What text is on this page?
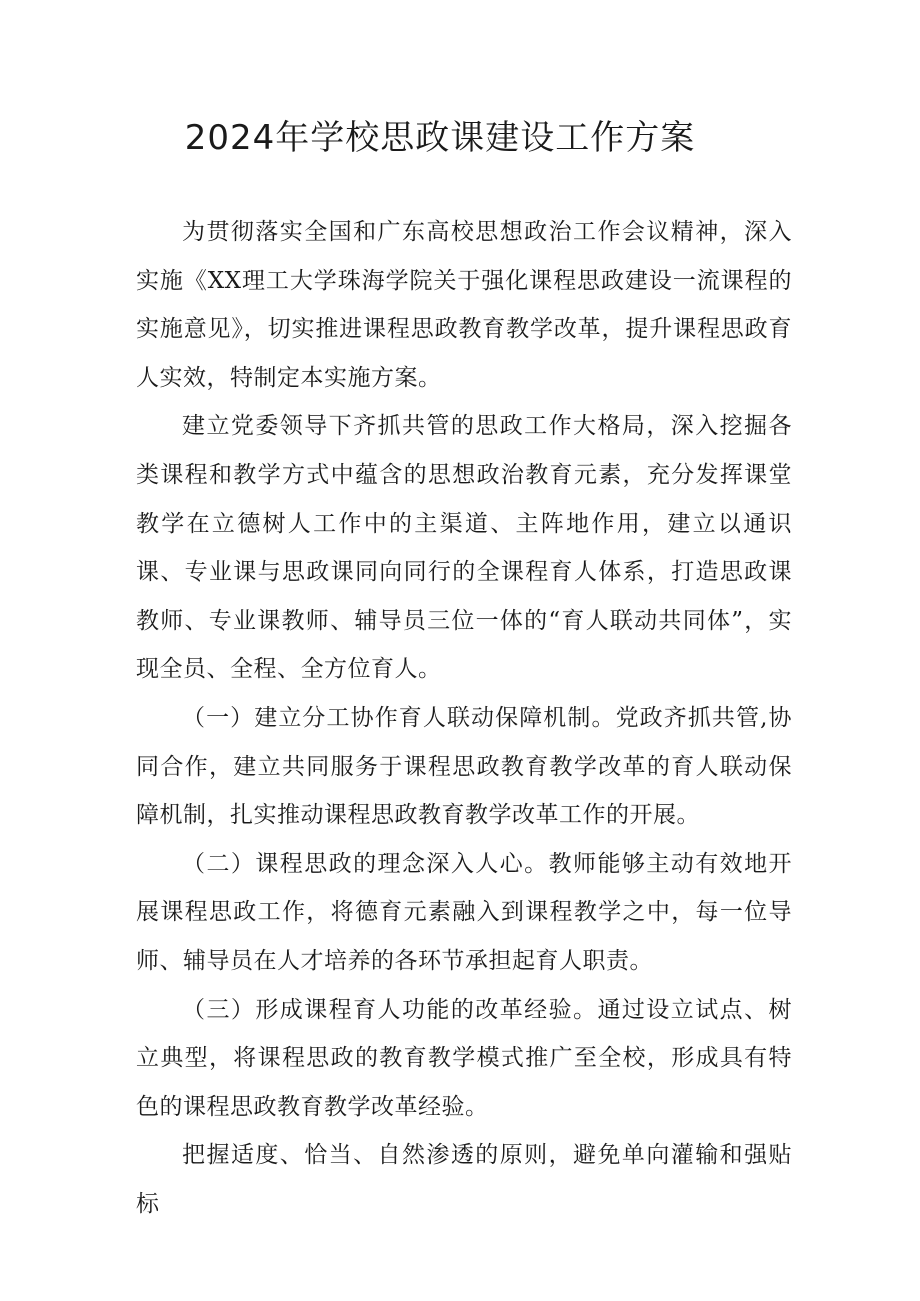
2024年学校思政课建设工作方案

为贯彻落实全国和广东高校思想政治工作会议精神，深入实施《XX理工大学珠海学院关于强化课程思政建设一流课程的实施意见》，切实推进课程思政教育教学改革，提升课程思政育人实效，特制定本实施方案。

建立党委领导下齐抓共管的思政工作大格局，深入挖掘各类课程和教学方式中蕴含的思想政治教育元素，充分发挥课堂教学在立德树人工作中的主渠道、主阵地作用，建立以通识课、专业课与思政课同向同行的全课程育人体系，打造思政课教师、专业课教师、辅导员三位一体的“育人联动共同体”，实现全员、全程、全方位育人。

（一）建立分工协作育人联动保障机制。党政齐抓共管,协同合作，建立共同服务于课程思政教育教学改革的育人联动保障机制，扎实推动课程思政教育教学改革工作的开展。

（二）课程思政的理念深入人心。教师能够主动有效地开展课程思政工作，将德育元素融入到课程教学之中，每一位导师、辅导员在人才培养的各环节承担起育人职责。

（三）形成课程育人功能的改革经验。通过设立试点、树立典型，将课程思政的教育教学模式推广至全校，形成具有特色的课程思政教育教学改革经验。

把握适度、恰当、自然渗透的原则，避免单向灌输和强贴标
